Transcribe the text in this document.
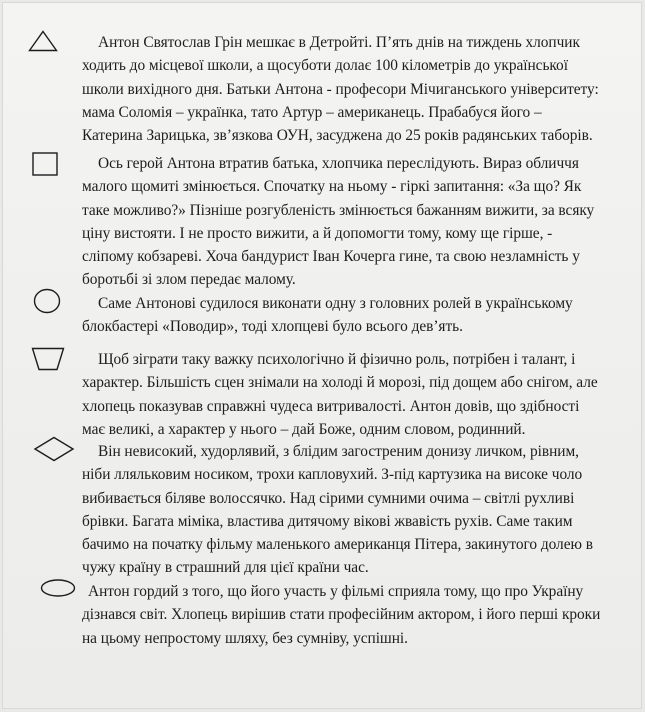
Антон Святослав Грін мешкає в Детройті. П’ять днів на тиждень хлопчик ходить до місцевої школи, а щосуботи долає 100 кілометрів до української школи вихідного дня. Батьки Антона - професори Мічиганського університету: мама Соломія – українка, тато Артур – американець. Прабабуся його – Катерина Зарицька, зв’язкова ОУН, засуджена до 25 років радянських таборів.

Ось герой Антона втратив батька, хлопчика переслідують. Вираз обличчя малого щомиті змінюється. Спочатку на ньому - гіркі запитання: «За що? Як таке можливо?» Пізніше розгубленість змінюється бажанням вижити, за всяку ціну вистояти. І не просто вижити, а й допомогти тому, кому ще гірше, - сліпому кобзареві. Хоча бандурист Іван Кочерга гине, та свою незламність у боротьбі зі злом передає малому.

Саме Антонові судилося виконати одну з головних ролей в українському блокбастері «Поводир», тоді хлопцеві було всього дев’ять.

Щоб зіграти таку важку психологічно й фізично роль, потрібен і талант, і характер. Більшість сцен знімали на холоді й морозі, під дощем або снігом, але хлопець показував справжні чудеса витривалості. Антон довів, що здібності має великі, а характер у нього – дай Боже, одним словом, родинний.

Він невисокий, худорлявий, з блідим загостреним донизу личком, рівним, ніби лляльковим носиком, трохи капловухий. З-під картузика на високе чоло вибивається біляве волоссячко. Над сірими сумними очима – світлі рухливі брівки. Багата міміка, властива дитячому вікові жвавість рухів. Саме таким бачимо на початку фільму маленького американця Пітера, закинутого долею в чужу країну в страшний для цієї країни час.

Антон гордий з того, що його участь у фільмі сприяла тому, що про Україну дізнався світ. Хлопець вирішив стати професійним актором, і його перші кроки на цьому непростому шляху, без сумніву, успішні.
